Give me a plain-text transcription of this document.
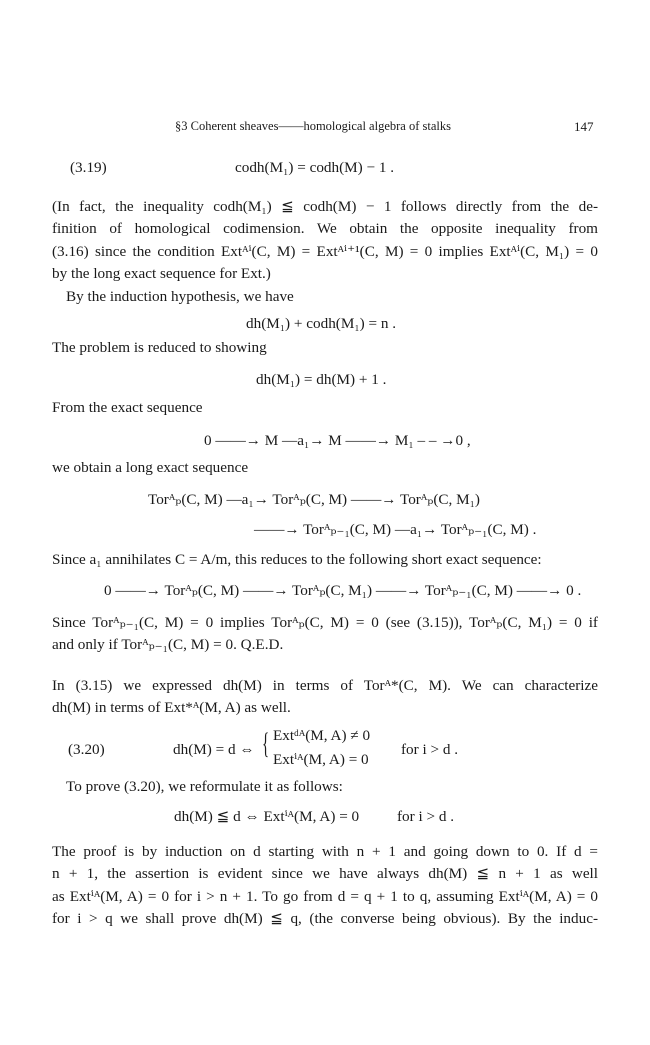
§3 Coherent sheaves——homological algebra of stalks	147
(3.19)	codh(M₁) = codh(M) − 1 .
(In fact, the inequality codh(M₁) ≦ codh(M) − 1 follows directly from the de-
finition of homological codimension. We obtain the opposite inequality from
(3.16) since the condition Extᴬⁱ(C, M) = Extᴬⁱ⁺¹(C, M) = 0 implies Extᴬⁱ(C, M₁) = 0
by the long exact sequence for Ext.)
By the induction hypothesis, we have
dh(M₁) + codh(M₁) = n .
The problem is reduced to showing
dh(M₁) = dh(M) + 1 .
From the exact sequence
0 ——→ M —a₁→ M ——→ M₁ – – →0 ,
we obtain a long exact sequence
Torᴬₚ(C, M) —a₁→ Torᴬₚ(C, M) ——→ Torᴬₚ(C, M₁)
——→ Torᴬₚ₋₁(C, M) —a₁→ Torᴬₚ₋₁(C, M) .
Since a₁ annihilates C = A/m, this reduces to the following short exact sequence:
0 ——→ Torᴬₚ(C, M) ——→ Torᴬₚ(C, M₁) ——→ Torᴬₚ₋₁(C, M) ——→ 0 .
Since Torᴬₚ₋₁(C, M) = 0 implies Torᴬₚ(C, M) = 0 (see (3.15)), Torᴬₚ(C, M₁) = 0 if
and only if Torᴬₚ₋₁(C, M) = 0. Q.E.D.
In (3.15) we expressed dh(M) in terms of Torᴬ*(C, M). We can characterize
dh(M) in terms of Ext*ᴬ(M, A) as well.
(3.20)	dh(M) = d ⇔ { Extᵈᴬ(M, A) ≠ 0
Extⁱᴬ(M, A) = 0
for i > d .
To prove (3.20), we reformulate it as follows:
dh(M) ≦ d ⇔ Extⁱᴬ(M, A) = 0 for i > d .
The proof is by induction on d starting with n + 1 and going down to 0. If d =
n + 1, the assertion is evident since we have always dh(M) ≦ n + 1 as well
as Extⁱᴬ(M, A) = 0 for i > n + 1. To go from d = q + 1 to q, assuming Extⁱᴬ(M, A) = 0
for i > q we shall prove dh(M) ≦ q, (the converse being obvious). By the induc-
